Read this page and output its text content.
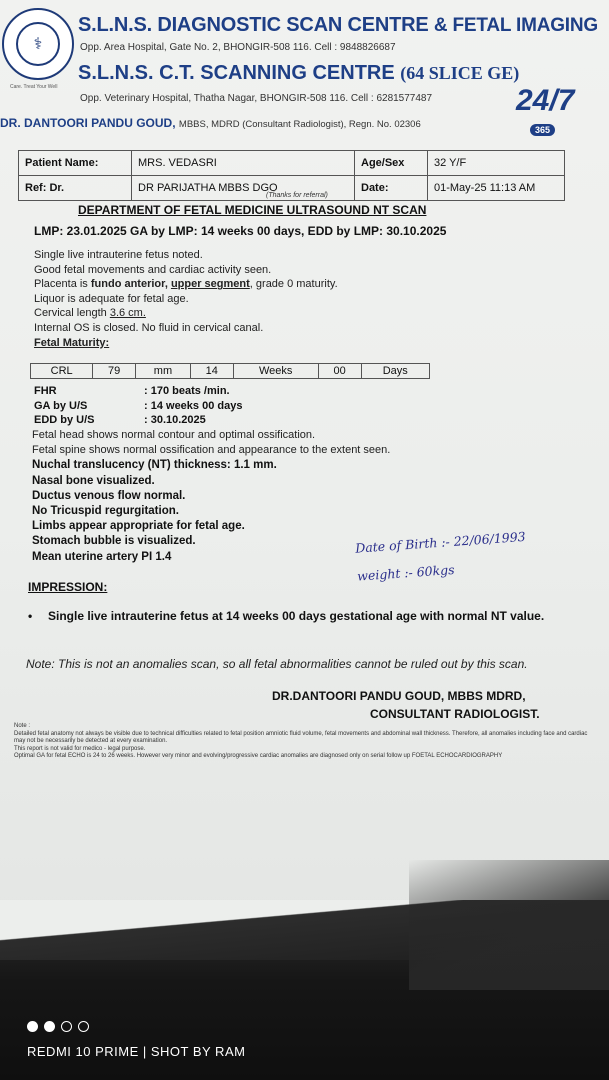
⚕
Care. Treat Your Well
S.L.N.S. DIAGNOSTIC SCAN CENTRE & FETAL IMAGING
Opp. Area Hospital, Gate No. 2, BHONGIR-508 116. Cell : 9848826687
S.L.N.S. C.T. SCANNING CENTRE (64 SLICE GE)
Opp. Veterinary Hospital, Thatha Nagar, BHONGIR-508 116. Cell : 6281577487
DR. DANTOORI PANDU GOUD, MBBS, MDRD (Consultant Radiologist), Regn. No. 02306
24/7
365
Patient Name:	MRS. VEDASRI	Age/Sex	32 Y/F
Ref: Dr.	DR PARIJATHA MBBS DGO	Date:	01-May-25 11:13 AM
(Thanks for referral)
DEPARTMENT OF FETAL MEDICINE ULTRASOUND NT SCAN
LMP: 23.01.2025 GA by LMP: 14 weeks 00 days, EDD by LMP: 30.10.2025
Single live intrauterine fetus noted.
Good fetal movements and cardiac activity seen.
Placenta is fundo anterior, upper segment, grade 0 maturity.
Liquor is adequate for fetal age.
Cervical length 3.6 cm.
Internal OS is closed. No fluid in cervical canal.
Fetal Maturity:
CRL	79	mm	14	Weeks	00	Days
FHR	: 170 beats /min.
GA by U/S	: 14 weeks 00 days
EDD by U/S	: 30.10.2025
Fetal head shows normal contour and optimal ossification.
Fetal spine shows normal ossification and appearance to the extent seen.
Nuchal translucency (NT) thickness: 1.1 mm.
Nasal bone visualized.
Ductus venous flow normal.
No Tricuspid regurgitation.
Limbs appear appropriate for fetal age.
Stomach bubble is visualized.
Mean uterine artery PI 1.4
Date of Birth :- 22/06/1993
weight :- 60kgs
IMPRESSION:
• Single live intrauterine fetus at 14 weeks 00 days gestational age with normal NT value.
Note: This is not an anomalies scan, so all fetal abnormalities cannot be ruled out by this scan.
DR.DANTOORI PANDU GOUD, MBBS MDRD,
CONSULTANT RADIOLOGIST.
Note :
Detailed fetal anatomy not always be visible due to technical difficulties related to fetal position amniotic fluid volume, fetal movements and abdominal wall thickness. Therefore, all anomalies including face and cardiac may not be necessarily be detected at every examination.
This report is not valid for medico - legal purpose.
Optimal GA for fetal ECHO is 24 to 26 weeks. However very minor and evolving/progressive cardiac anomalies are diagnosed only on serial follow up FOETAL ECHOCARDIOGRAPHY
REDMI 10 PRIME | SHOT BY RAM
